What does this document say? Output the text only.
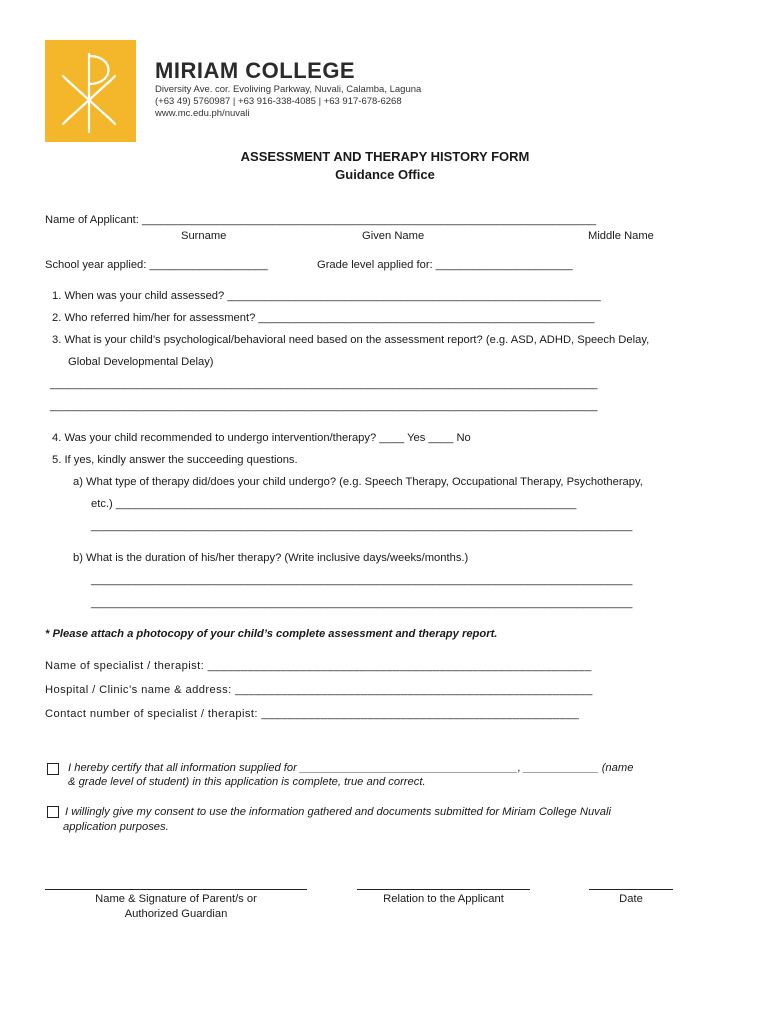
MIRIAM COLLEGE
Diversity Ave. cor. Evoliving Parkway, Nuvali, Calamba, Laguna
(+63 49) 5760987 | +63 916-338-4085 | +63 917-678-6268
www.mc.edu.ph/nuvali
ASSESSMENT AND THERAPY HISTORY FORM
Guidance Office
Name of Applicant: _________________________________________________________________________
Surname	Given Name	Middle Name
School year applied: ___________________	Grade level applied for: ______________________
1. When was your child assessed? ____________________________________________________________
2. Who referred him/her for assessment? ______________________________________________________
3. What is your child’s psychological/behavioral need based on the assessment report? (e.g. ASD, ADHD, Speech Delay,
Global Developmental Delay)
________________________________________________________________________________________
________________________________________________________________________________________
4. Was your child recommended to undergo intervention/therapy? ____ Yes ____ No
5. If yes, kindly answer the succeeding questions.
a) What type of therapy did/does your child undergo? (e.g. Speech Therapy, Occupational Therapy, Psychotherapy,
etc.) __________________________________________________________________________
_______________________________________________________________________________________
b) What is the duration of his/her therapy? (Write inclusive days/weeks/months.)
_______________________________________________________________________________________
_______________________________________________________________________________________
* Please attach a photocopy of your child’s complete assessment and therapy report.
Name of specialist / therapist: __________________________________________________________
Hospital / Clinic’s name & address: ______________________________________________________
Contact number of specialist / therapist: ________________________________________________
I hereby certify that all information supplied for ___________________________________, ____________ (name
& grade level of student) in this application is complete, true and correct.
I willingly give my consent to use the information gathered and documents submitted for Miriam College Nuvali
application purposes.
Name & Signature of Parent/s or
Authorized Guardian
Relation to the Applicant	Date
